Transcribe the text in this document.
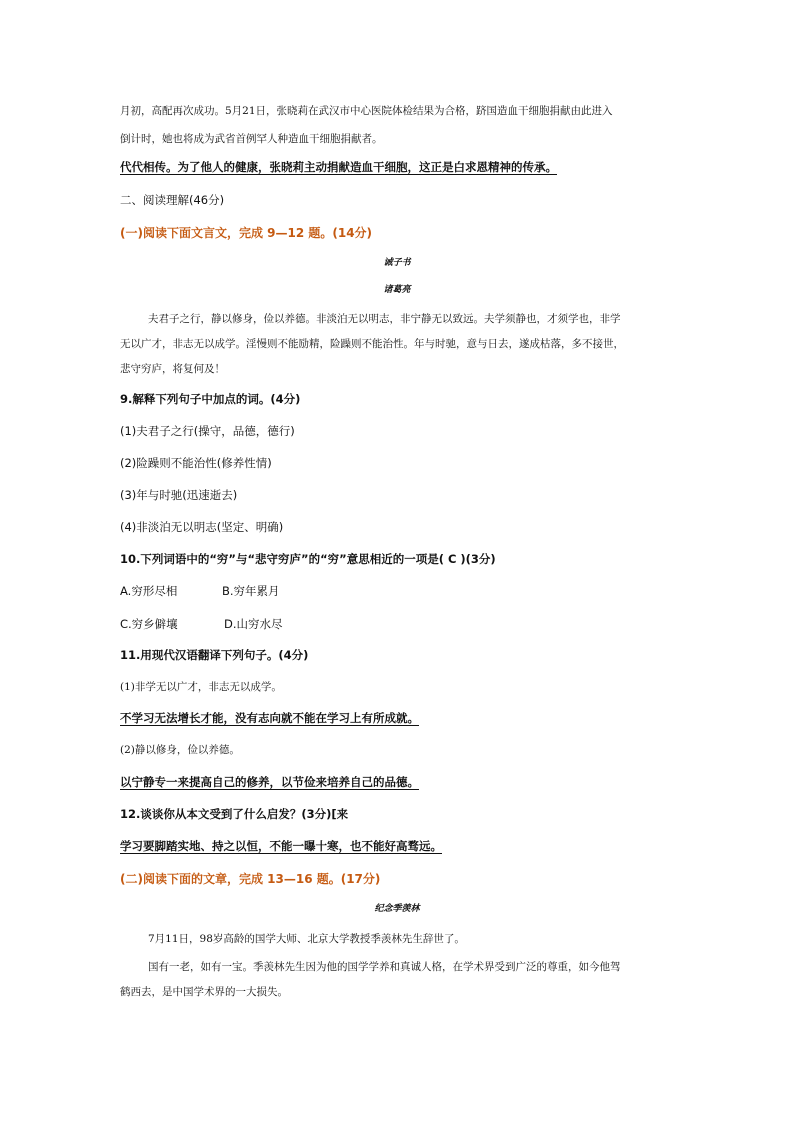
月初，高配再次成功。5月21日，张晓莉在武汉市中心医院体检结果为合格，跻国造血干细胞捐献由此进入
倒计时，她也将成为武省首例罕人种造血干细胞捐献者。
代代相传。为了他人的健康，张晓莉主动捐献造血干细胞，这正是白求恩精神的传承。
二、阅读理解(46分)
(一)阅读下面文言文，完成 9—12 题。(14分)
诫子书
诸葛亮
夫君子之行，静以修身，俭以养德。非淡泊无以明志，非宁静无以致远。夫学须静也，才须学也，非学
无以广才，非志无以成学。淫慢则不能励精，险躁则不能治性。年与时驰，意与日去，遂成枯落，多不接世，
悲守穷庐，将复何及！
9.解释下列句子中加点的词。(4分)
(1)夫君子之行(操守，品德，德行)
(2)险躁则不能治性(修养性情)
(3)年与时驰(迅速逝去)
(4)非淡泊无以明志(坚定、明确)
10.下列词语中的“穷”与“悲守穷庐”的“穷”意思相近的一项是( C )(3分)
A.穷形尽相	B.穷年累月
C.穷乡僻壤	D.山穷水尽
11.用现代汉语翻译下列句子。(4分)
(1)非学无以广才，非志无以成学。
不学习无法增长才能，没有志向就不能在学习上有所成就。
(2)静以修身，俭以养德。
以宁静专一来提高自己的修养，以节俭来培养自己的品德。
12.谈谈你从本文受到了什么启发？(3分)[来
学习要脚踏实地、持之以恒，不能一曝十寒，也不能好高骛远。
(二)阅读下面的文章，完成 13—16 题。(17分)
纪念季羡林
7月11日，98岁高龄的国学大师、北京大学教授季羡林先生辞世了。
国有一老，如有一宝。季羡林先生因为他的国学学养和真诚人格，在学术界受到广泛的尊重，如今他驾
鹤西去，是中国学术界的一大损失。
